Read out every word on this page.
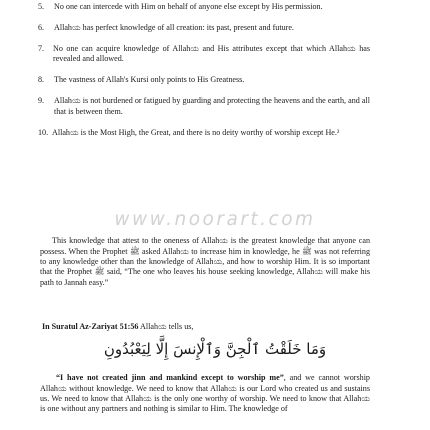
5.	No one can intercede with Him on behalf of anyone else except by His permission.
6.	Allahಯ has perfect knowledge of all creation: its past, present and future.
7.	No one can acquire knowledge of Allahಯ and His attributes except that which Allahಯ has revealed and allowed.
8.	The vastness of Allah's Kursi only points to His Greatness.
9.	Allahಯ is not burdened or fatigued by guarding and protecting the heavens and the earth, and all that is between them.
10. Allahಯ is the Most High, the Great, and there is no deity worthy of worship except He.²
www.noorart.com

This knowledge that attest to the oneness of Allahಯ is the greatest knowledge that anyone can possess. When the Prophet ﷺ asked Allahಯ to increase him in knowledge, he ﷺ was not referring to any knowledge other than the knowledge of Allahಯ, and how to worship Him. It is so important that the Prophet ﷺ said, “The one who leaves his house seeking knowledge, Allahಯ will make his path to Jannah easy.”

In Suratul Az-Zariyat 51:56 Allahಯ tells us,
وَمَا خَلَقْتُ ٱلْجِنَّ وَٱلْإِنسَ إِلَّا لِيَعْبُدُونِ

“I have not created jinn and mankind except to worship me”, and we cannot worship Allahಯ without knowledge. We need to know that Allahಯ is our Lord who created us and sustains us. We need to know that Allahಯ is the only one worthy of worship. We need to know that Allahಯ is one without any partners and nothing is similar to Him. The knowledge of
